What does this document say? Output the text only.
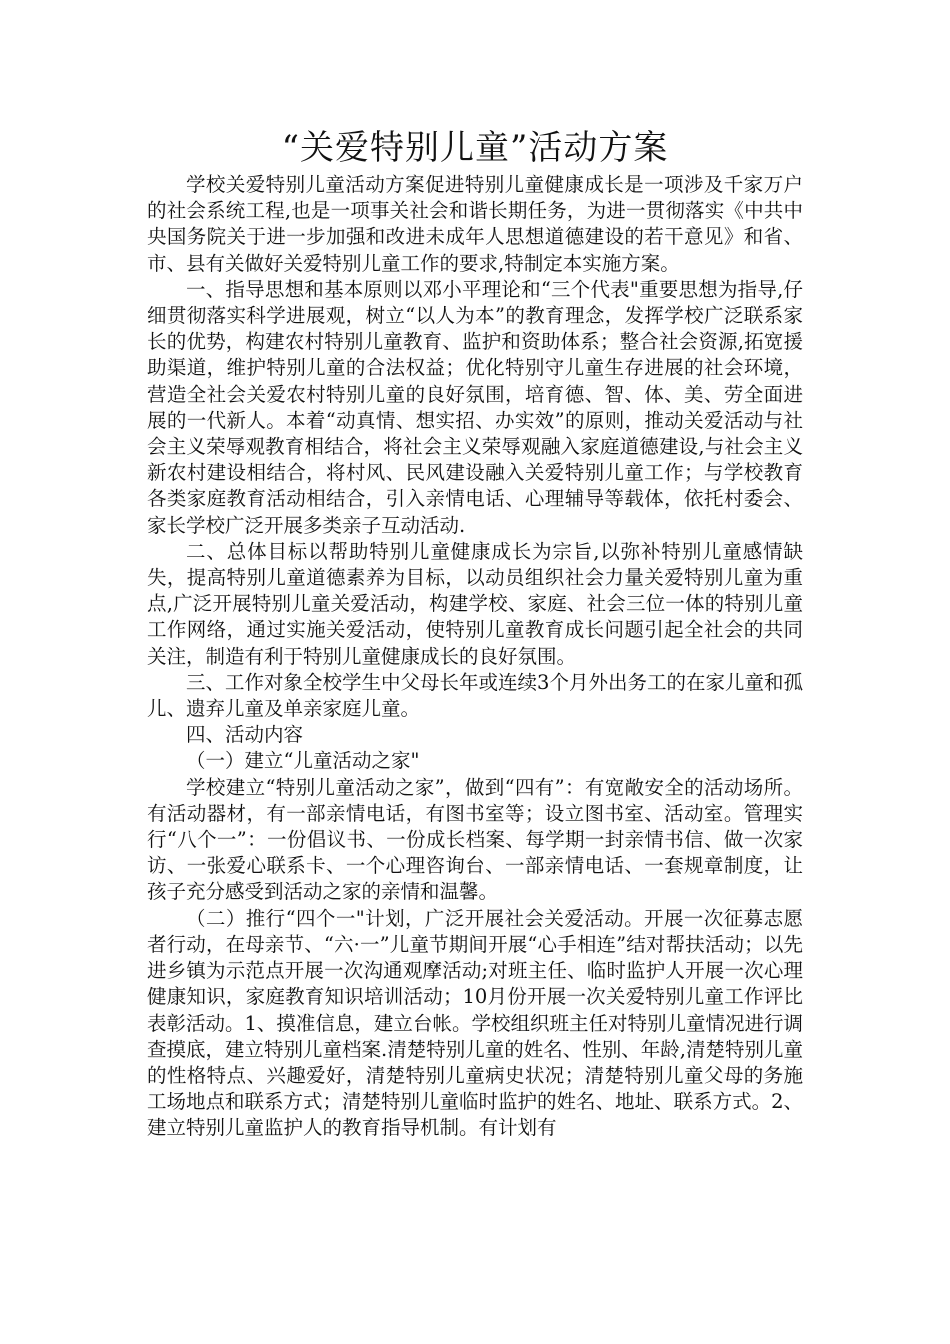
“关爱特别儿童”活动方案

学校关爱特别儿童活动方案促进特别儿童健康成长是一项涉及千家万户的社会系统工程,也是一项事关社会和谐长期任务，为进一贯彻落实《中共中央国务院关于进一步加强和改进未成年人思想道德建设的若干意见》和省、市、县有关做好关爱特别儿童工作的要求,特制定本实施方案。

一、指导思想和基本原则以邓小平理论和“三个代表"重要思想为指导,仔细贯彻落实科学进展观，树立“以人为本”的教育理念，发挥学校广泛联系家长的优势，构建农村特别儿童教育、监护和资助体系；整合社会资源,拓宽援助渠道，维护特别儿童的合法权益；优化特别守儿童生存进展的社会环境，营造全社会关爱农村特别儿童的良好氛围，培育德、智、体、美、劳全面进展的一代新人。本着“动真情、想实招、办实效”的原则，推动关爱活动与社会主义荣辱观教育相结合，将社会主义荣辱观融入家庭道德建设,与社会主义新农村建设相结合，将村风、民风建设融入关爱特别儿童工作；与学校教育各类家庭教育活动相结合，引入亲情电话、心理辅导等载体，依托村委会、家长学校广泛开展多类亲子互动活动.

二、总体目标以帮助特别儿童健康成长为宗旨,以弥补特别儿童感情缺失，提高特别儿童道德素养为目标，以动员组织社会力量关爱特别儿童为重点,广泛开展特别儿童关爱活动，构建学校、家庭、社会三位一体的特别儿童工作网络，通过实施关爱活动，使特别儿童教育成长问题引起全社会的共同关注，制造有利于特别儿童健康成长的良好氛围。

三、工作对象全校学生中父母长年或连续3个月外出务工的在家儿童和孤儿、遗弃儿童及单亲家庭儿童。

四、活动内容

（一）建立“儿童活动之家"

学校建立“特别儿童活动之家”，做到“四有”：有宽敞安全的活动场所。有活动器材，有一部亲情电话，有图书室等；设立图书室、活动室。管理实行“八个一”：一份倡议书、一份成长档案、每学期一封亲情书信、做一次家访、一张爱心联系卡、一个心理咨询台、一部亲情电话、一套规章制度，让孩子充分感受到活动之家的亲情和温馨。

（二）推行“四个一"计划，广泛开展社会关爱活动。开展一次征募志愿者行动，在母亲节、“六·一”儿童节期间开展“心手相连”结对帮扶活动；以先进乡镇为示范点开展一次沟通观摩活动;对班主任、临时监护人开展一次心理健康知识，家庭教育知识培训活动；10月份开展一次关爱特别儿童工作评比表彰活动。1、摸准信息，建立台帐。学校组织班主任对特别儿童情况进行调查摸底，建立特别儿童档案.清楚特别儿童的姓名、性别、年龄,清楚特别儿童的性格特点、兴趣爱好，清楚特别儿童病史状况；清楚特别儿童父母的务施工场地点和联系方式；清楚特别儿童临时监护的姓名、地址、联系方式。2、建立特别儿童监护人的教育指导机制。有计划有
